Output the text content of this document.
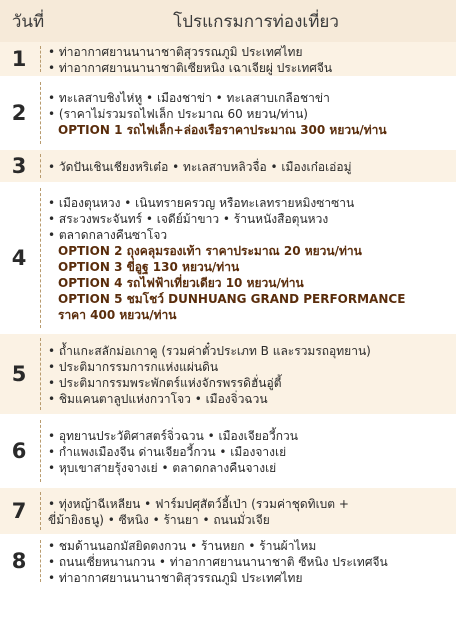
วันที่	โปรแกรมการท่องเที่ยว
1	• ท่าอากาศยานนานาชาติสุวรรณภูมิ ประเทศไทย
• ท่าอากาศยานนานาชาติเซียหนิง เฉาเจียผู่ ประเทศจีน
2
• ทะเลสาบชิงไห่หู • เมืองชาข่า • ทะเลสาบเกลือชาข่า
• (ราคาไม่รวมรถไฟเล็ก ประมาณ 60 หยวน/ท่าน)
OPTION 1 รถไฟเล็ก+ล่องเรือราคาประมาณ 300 หยวน/ท่าน
3	• วัดปันเชินเชียงหริเต๋อ • ทะเลสาบหลิวจื่อ • เมืองเก๋อเอ่อมู่
4
• เมืองตุนหวง • เนินทรายครวญ หรือทะเลทรายหมิงซาซาน
• สระวงพระจันทร์ • เจดีย์ม้าขาว • ร้านหนังสือตุนหวง
• ตลาดกลางคืนซาโจว
OPTION 2 ถุงคลุมรองเท้า ราคาประมาณ 20 หยวน/ท่าน
OPTION 3 ขี่อูฐ 130 หยวน/ท่าน
OPTION 4 รถไฟฟ้าเที่ยวเดียว 10 หยวน/ท่าน
OPTION 5 ชมโชว์ DUNHUANG GRAND PERFORMANCE
ราคา 400 หยวน/ท่าน
5
• ถ้ำแกะสลักม่อเกาคู (รวมค่าตั๋วประเภท B และรวมรถอุทยาน)
• ประติมากรรมการกแห่งแผ่นดิน
• ประติมากรรมพระพักตร์แห่งจักรพรรดิฮั่นอู่ตี้
• ชิมแคนตาลูปแห่งกวาโจว • เมืองจิ่วฉวน
6
• อุทยานประวัติศาสตร์จิ่วฉวน • เมืองเจียอวี้กวน
• กำแพงเมืองจีน ด่านเจียอวี้กวน • เมืองจางเย่
• หุบเขาสายรุ้งจางเย่ • ตลาดกลางคืนจางเย่
7	• ทุ่งหญ้าฉีเหลียน • ฟาร์มปศุสัตว์อี้เป่า (รวมค่าชุดทิเบต +
ขี่ม้ายิงธนู) • ซีหนิง • ร้านยา • ถนนมั่วเจีย
8
• ชมด้านนอกมัสยิดตงกวน • ร้านหยก • ร้านผ้าไหม
• ถนนเซี่ยหนานกวน • ท่าอากาศยานนานาชาติ ซีหนิง ประเทศจีน
• ท่าอากาศยานนานาชาติสุวรรณภูมิ ประเทศไทย
